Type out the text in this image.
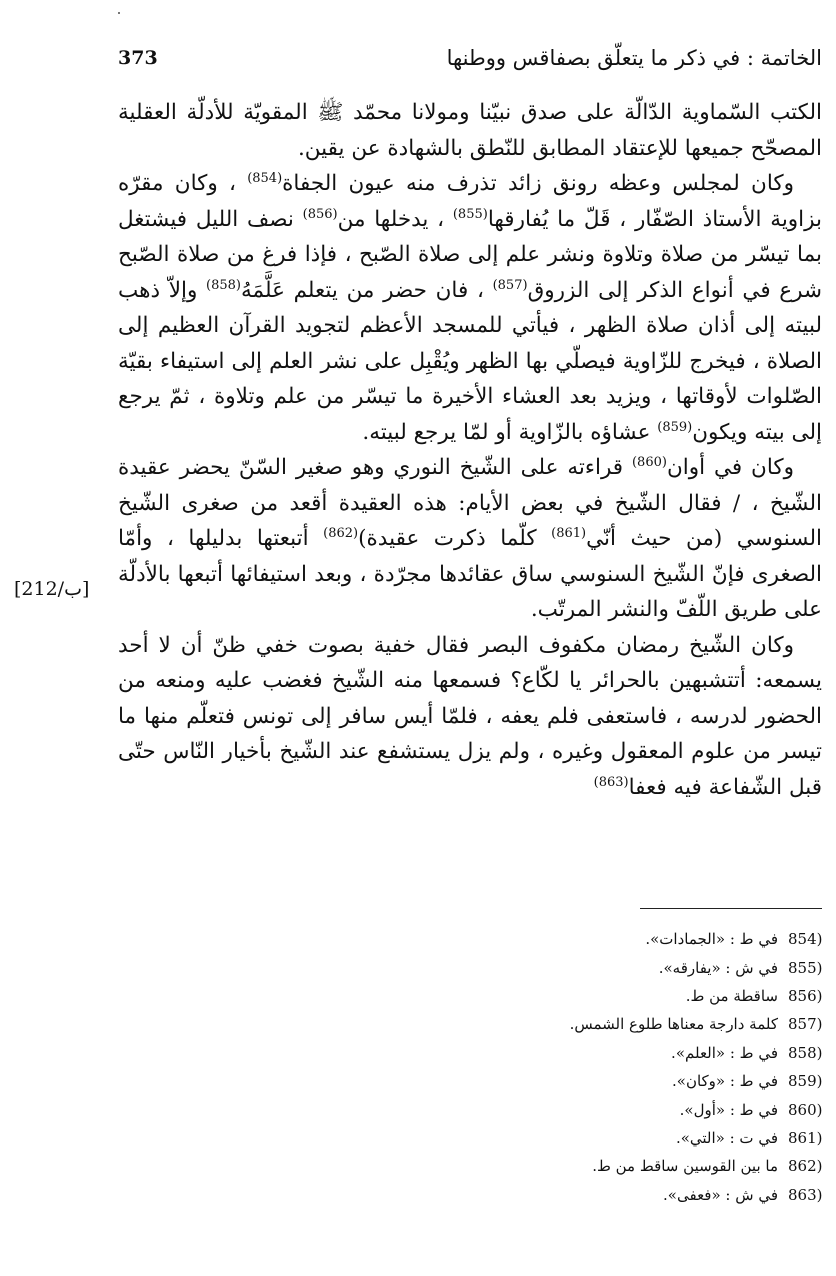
373	الخاتمة : في ذكر ما يتعلّق بصفاقس ووطنها

الكتب السّماوية الدّالّة على صدق نبيّنا ومولانا محمّد ﷺ المقويّة للأدلّة العقلية المصحّح جميعها للإعتقاد المطابق للنّطق بالشهادة عن يقين.

وكان لمجلس وعظه رونق زائد تذرف منه عيون الجفاة$^{(854)}$ ، وكان مقرّه بزاوية الأستاذ الصّفّار ، قَلّ ما يُفارقها$^{(855)}$ ، يدخلها من$^{(856)}$ نصف الليل فيشتغل بما تيسّر من صلاة وتلاوة ونشر علم إلى صلاة الصّبح ، فإذا فرغ من صلاة الصّبح شرع في أنواع الذكر إلى الزروق$^{(857)}$ ، فان حضر من يتعلم عَلَّمَهُ$^{(858)}$ وإلاّ ذهب لبيته إلى أذان صلاة الظهر ، فيأتي للمسجد الأعظم لتجويد القرآن العظيم إلى الصلاة ، فيخرج للزّاوية فيصلّي بها الظهر ويُقْبِل على نشر العلم إلى استيفاء بقيّة الصّلوات لأوقاتها ، ويزيد بعد العشاء الأخيرة ما تيسّر من علم وتلاوة ، ثمّ يرجع إلى بيته ويكون$^{(859)}$ عشاؤه بالزّاوية أو لمّا يرجع لبيته.

وكان في أوان$^{(860)}$ قراءته على الشّيخ النوري وهو صغير السّنّ يحضر عقيدة الشّيخ ، / فقال الشّيخ في بعض الأيام: هذه العقيدة أقعد من صغرى الشّيخ السنوسي (من حيث أنّي$^{(861)}$ كلّما ذكرت عقيدة)$^{(862)}$ أتبعتها بدليلها ، وأمّا الصغرى فإنّ الشّيخ السنوسي ساق عقائدها مجرّدة ، وبعد استيفائها أتبعها بالأدلّة على طريق اللّفّ والنشر المرتّب.

وكان الشّيخ رمضان مكفوف البصر فقال خفية بصوت خفي ظنّ أن لا أحد يسمعه: أتتشبهين بالحرائر يا لكّاع؟ فسمعها منه الشّيخ فغضب عليه ومنعه من الحضور لدرسه ، فاستعفى فلم يعفه ، فلمّا أيس سافر إلى تونس فتعلّم منها ما تيسر من علوم المعقول وغيره ، ولم يزل يستشفع عند الشّيخ بأخيار النّاس حتّى قبل الشّفاعة فيه فعفا$^{(863)}$

[212/ب]
854)
في ط : «الجمادات».
855)
في ش : «يفارقه».
856)
ساقطة من ط.
857)
كلمة دارجة معناها طلوع الشمس.
858)
في ط : «العلم».
859)
في ط : «وكان».
860)
في ط : «أول».
861)
في ت : «التي».
862)
ما بين القوسين ساقط من ط.
863)
في ش : «فعفى».
